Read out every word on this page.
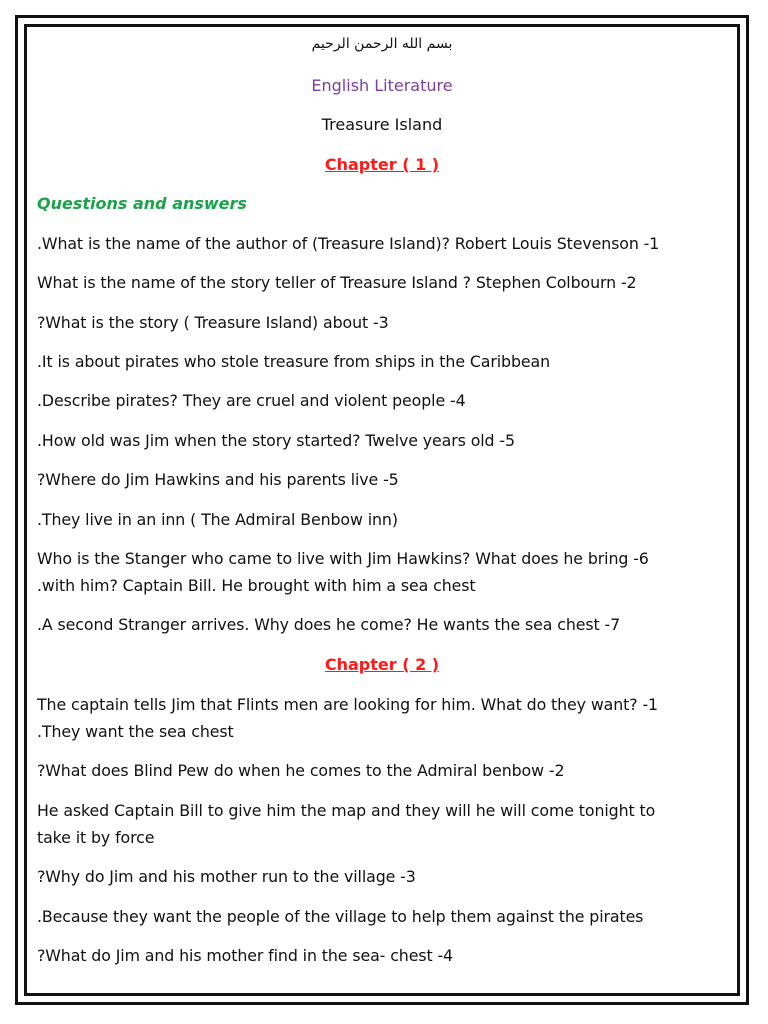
بسم الله الرحمن الرحيم
English Literature
Treasure Island
Chapter ( 1 )
Questions and answers
.What is the name of the author of (Treasure Island)? Robert Louis Stevenson -1
What is the name of the story teller of Treasure Island ? Stephen Colbourn -2
?What is the story ( Treasure Island) about -3
.It is about pirates who stole treasure from ships in the Caribbean
.Describe pirates? They are cruel and violent people -4
.How old was Jim when the story started? Twelve years old -5
?Where do Jim Hawkins and his parents live -5
.They live in an inn ( The Admiral Benbow inn)
Who is the Stanger who came to live with Jim Hawkins? What does he bring -6
.with him? Captain Bill. He brought with him a sea chest
.A second Stranger arrives. Why does he come? He wants the sea chest -7
Chapter ( 2 )
The captain tells Jim that Flints men are looking for him. What do they want? -1
.They want the sea chest
?What does Blind Pew do when he comes to the Admiral benbow -2
He asked Captain Bill to give him the map and they will he will come tonight to
take it by force
?Why do Jim and his mother run to the village -3
.Because they want the people of the village to help them against the pirates
?What do Jim and his mother find in the sea- chest -4
